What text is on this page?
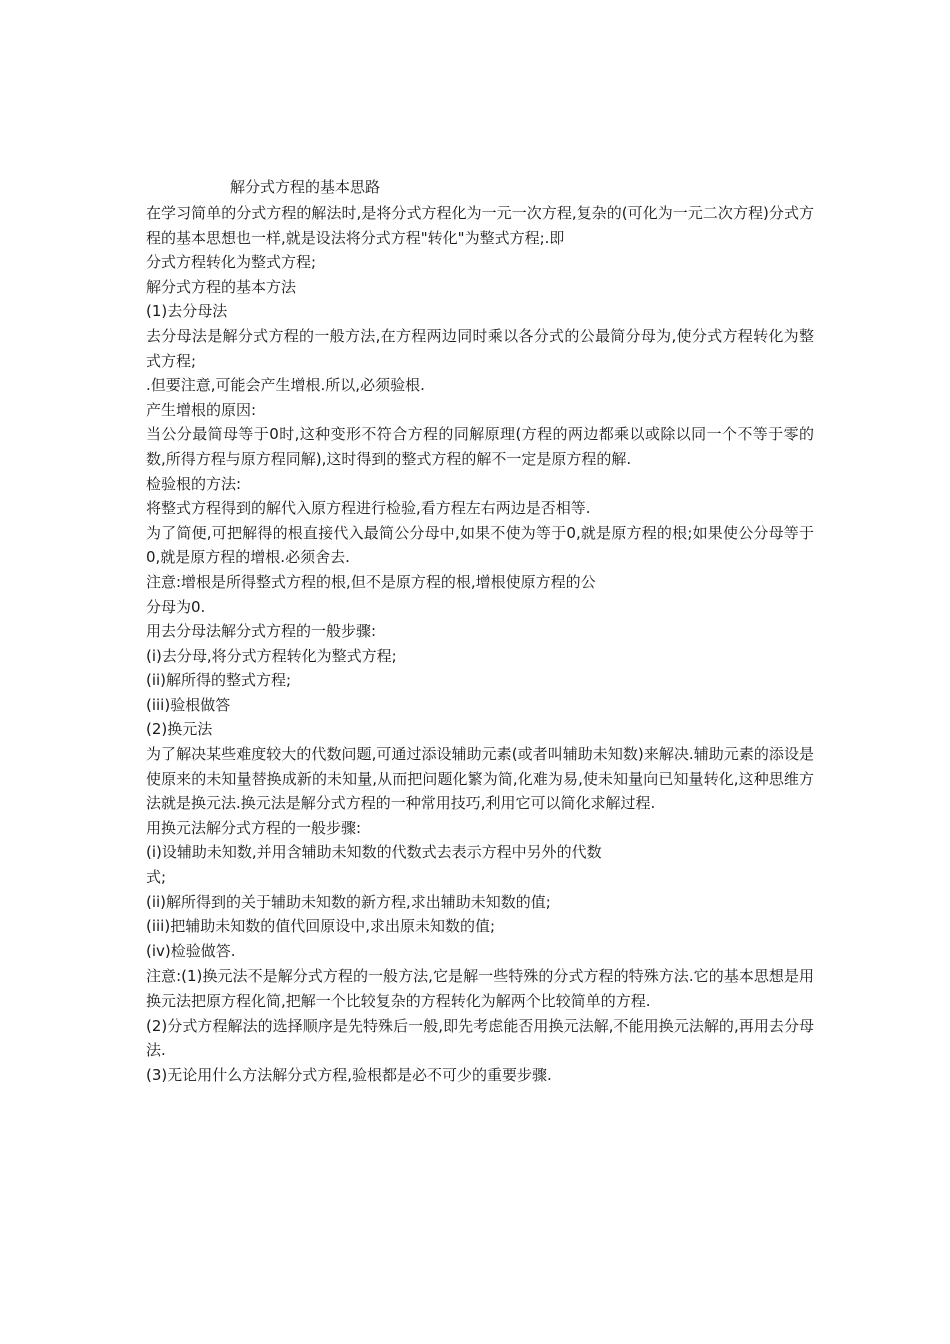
解分式方程的基本思路

在学习简单的分式方程的解法时,是将分式方程化为一元一次方程,复杂的(可化为一元二次方程)分式方程的基本思想也一样,就是设法将分式方程"转化"为整式方程;.即

分式方程转化为整式方程;

解分式方程的基本方法

(1)去分母法

去分母法是解分式方程的一般方法,在方程两边同时乘以各分式的公最简分母为,使分式方程转化为整式方程;

.但要注意,可能会产生增根.所以,必须验根.

产生增根的原因:

当公分最简母等于0时,这种变形不符合方程的同解原理(方程的两边都乘以或除以同一个不等于零的数,所得方程与原方程同解),这时得到的整式方程的解不一定是原方程的解.

检验根的方法:

将整式方程得到的解代入原方程进行检验,看方程左右两边是否相等.

为了简便,可把解得的根直接代入最简公分母中,如果不使为等于0,就是原方程的根;如果使公分母等于0,就是原方程的增根.必须舍去.

注意:增根是所得整式方程的根,但不是原方程的根,增根使原方程的公

分母为0.

用去分母法解分式方程的一般步骤:

(i)去分母,将分式方程转化为整式方程;

(ii)解所得的整式方程;

(iii)验根做答

(2)换元法

为了解决某些难度较大的代数问题,可通过添设辅助元素(或者叫辅助未知数)来解决.辅助元素的添设是使原来的未知量替换成新的未知量,从而把问题化繁为简,化难为易,使未知量向已知量转化,这种思维方法就是换元法.换元法是解分式方程的一种常用技巧,利用它可以简化求解过程.

用换元法解分式方程的一般步骤:

(i)设辅助未知数,并用含辅助未知数的代数式去表示方程中另外的代数

式;

(ii)解所得到的关于辅助未知数的新方程,求出辅助未知数的值;

(iii)把辅助未知数的值代回原设中,求出原未知数的值;

(iv)检验做答.

注意:(1)换元法不是解分式方程的一般方法,它是解一些特殊的分式方程的特殊方法.它的基本思想是用换元法把原方程化简,把解一个比较复杂的方程转化为解两个比较简单的方程.

(2)分式方程解法的选择顺序是先特殊后一般,即先考虑能否用换元法解,不能用换元法解的,再用去分母法.

(3)无论用什么方法解分式方程,验根都是必不可少的重要步骤.
